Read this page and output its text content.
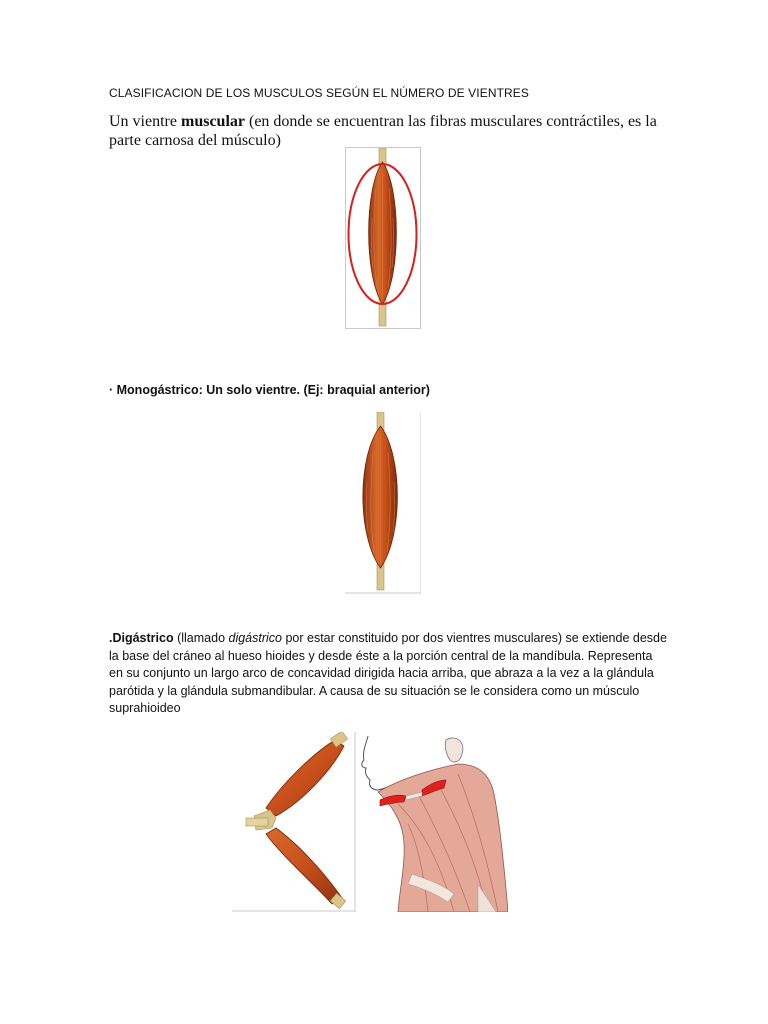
CLASIFICACION DE LOS MUSCULOS SEGÚN EL NÚMERO DE VIENTRES
Un vientre muscular (en donde se encuentran las fibras musculares contráctiles, es la parte carnosa del músculo)
· Monogástrico: Un solo vientre. (Ej: braquial anterior)
.Digástrico (llamado digástrico por estar constituido por dos vientres musculares) se extiende desde la base del cráneo al hueso hioides y desde éste a la porción central de la mandíbula. Representa en su conjunto un largo arco de concavidad dirigida hacia arriba, que abraza a la vez a la glándula parótida y la glándula submandibular. A causa de su situación se le considera como un músculo suprahioideo
